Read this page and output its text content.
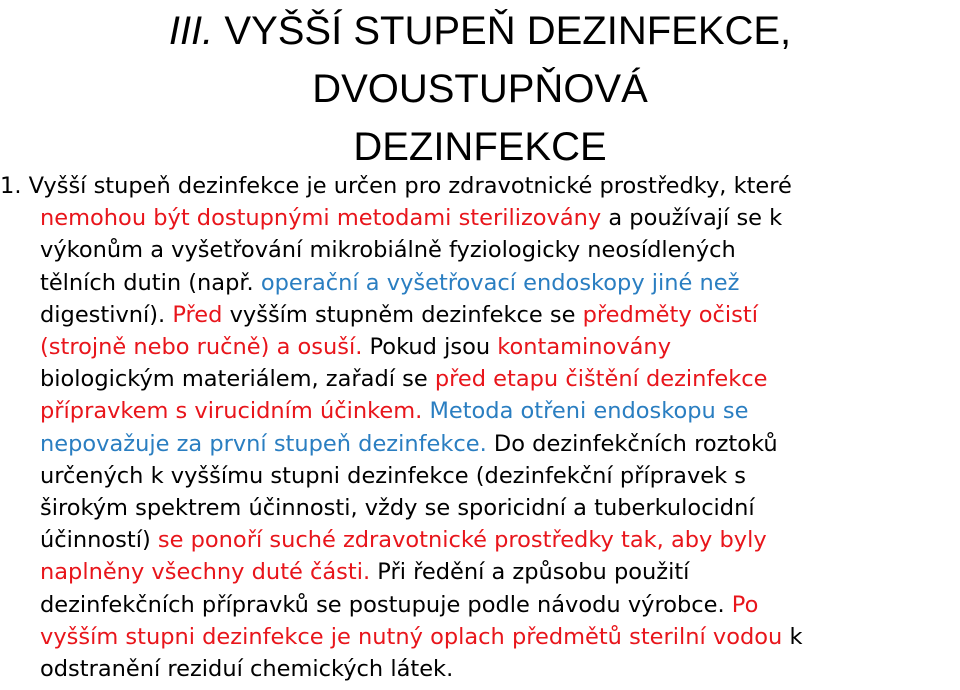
III. VYŠŠÍ STUPEŇ DEZINFEKCE, DVOUSTUPŇOVÁ
DEZINFEKCE
1. Vyšší stupeň dezinfekce je určen pro zdravotnické prostředky, které
nemohou být dostupnými metodami sterilizovány a používají se k
výkonům a vyšetřování mikrobiálně fyziologicky neosídlených
tělních dutin (např. operační a vyšetřovací endoskopy jiné než
digestivní). Před vyšším stupněm dezinfekce se předměty očistí
(strojně nebo ručně) a osuší. Pokud jsou kontaminovány
biologickým materiálem, zařadí se před etapu čištění dezinfekce
přípravkem s virucidním účinkem. Metoda otřeni endoskopu se
nepovažuje za první stupeň dezinfekce. Do dezinfekčních roztoků
určených k vyššímu stupni dezinfekce (dezinfekční přípravek s
širokým spektrem účinnosti, vždy se sporicidní a tuberkulocidní
účinností) se ponoří suché zdravotnické prostředky tak, aby byly
naplněny všechny duté části. Při ředění a způsobu použití
dezinfekčních přípravků se postupuje podle návodu výrobce. Po
vyšším stupni dezinfekce je nutný oplach předmětů sterilní vodou k
odstranění reziduí chemických látek.
